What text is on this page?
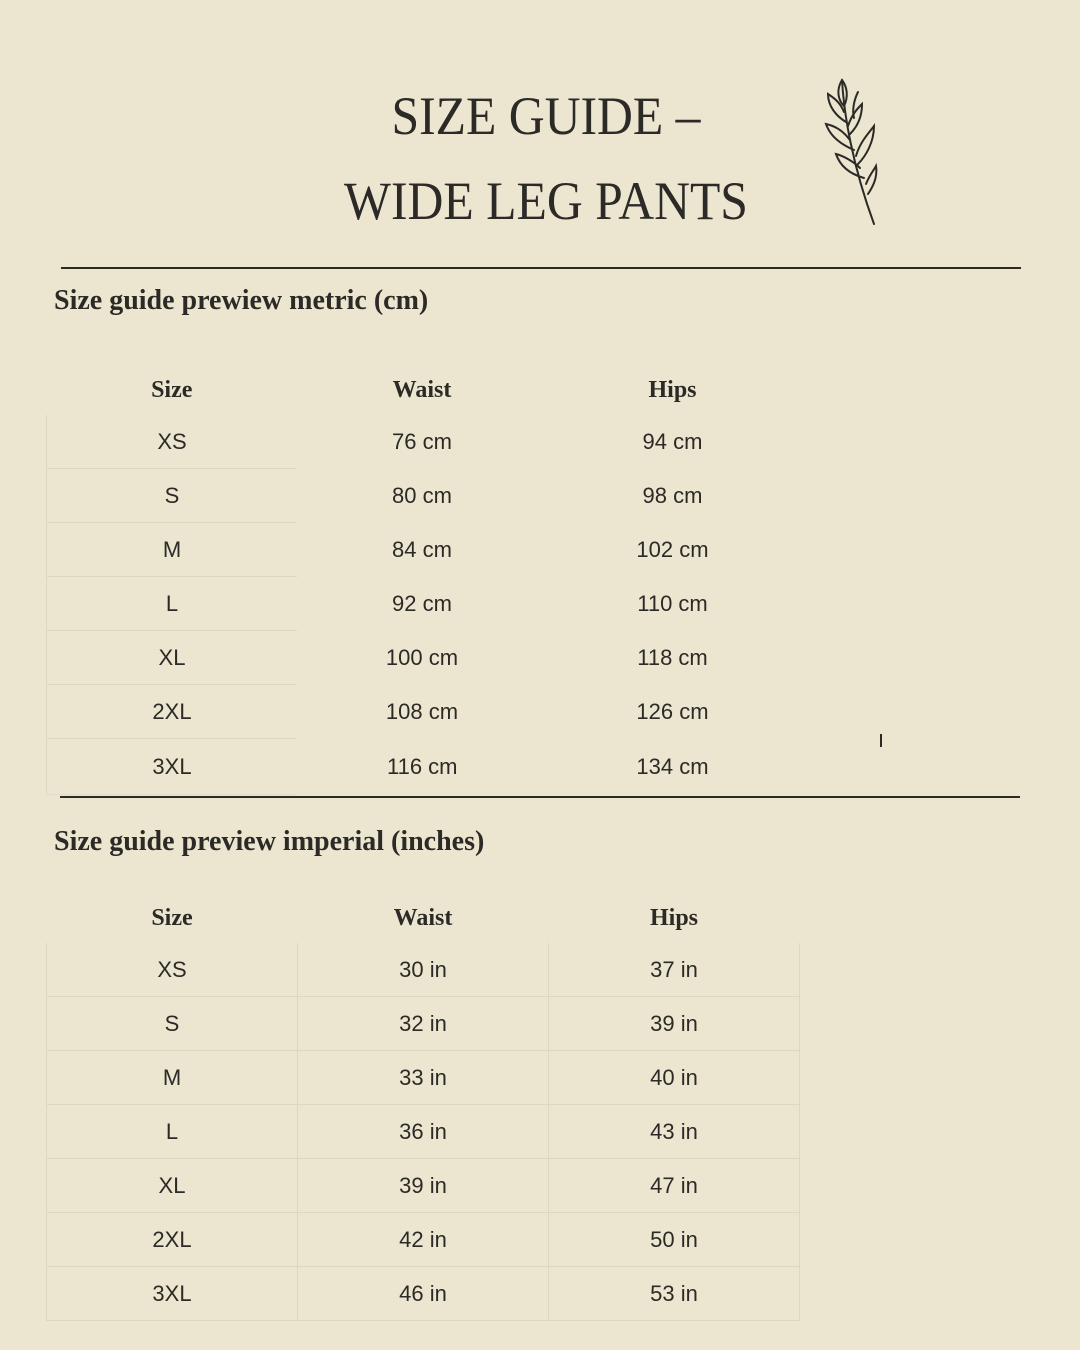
SIZE GUIDE –
WIDE LEG PANTS
Size guide prewiew metric (cm)
Size	Waist	Hips
XS	76 cm	94 cm
S	80 cm	98 cm
M	84 cm	102 cm
L	92 cm	110 cm
XL	100 cm	118 cm
2XL	108 cm	126 cm
3XL	116 cm	134 cm
Size guide preview imperial (inches)
Size	Waist	Hips
XS	30 in	37 in
S	32 in	39 in
M	33 in	40 in
L	36 in	43 in
XL	39 in	47 in
2XL	42 in	50 in
3XL	46 in	53 in
